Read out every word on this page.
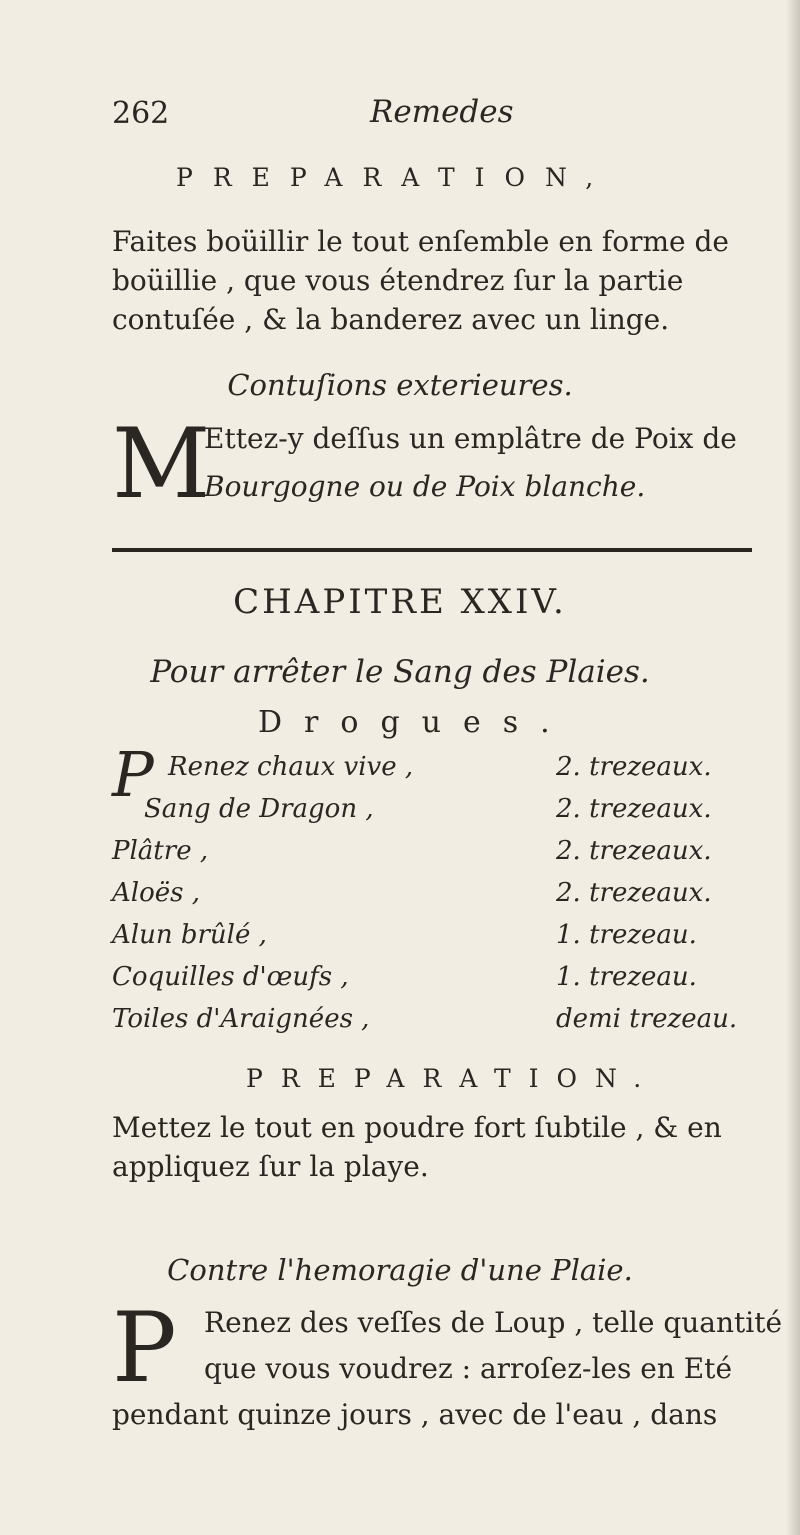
262	Remedes
PREPARATION,
Faites boüillir le tout enſemble en forme de boüillie , que vous étendrez ſur la partie contuſée , & la banderez avec un linge.
Contuſions exterieures.
M
Ettez-y deſſus un emplâtre de Poix de
Bourgogne ou de Poix blanche.
CHAPITRE XXIV.
Pour arrêter le Sang des Plaies.
Drogues.
P Renez chaux vive ,
Sang de Dragon ,
Plâtre ,
Aloës ,
Alun brûlé ,
Coquilles d'œufs ,
Toiles d'Araignées ,
2. trezeaux.
2. trezeaux.
2. trezeaux.
2. trezeaux.
1. trezeau.
1. trezeau.
demi trezeau.
PREPARATION.
Mettez le tout en poudre fort ſubtile , & en appliquez ſur la playe.
Contre l'hemoragie d'une Plaie.
P Renez des veſſes de Loup , telle quantité
que vous voudrez : arroſez-les en Eté
pendant quinze jours , avec de l'eau , dans
